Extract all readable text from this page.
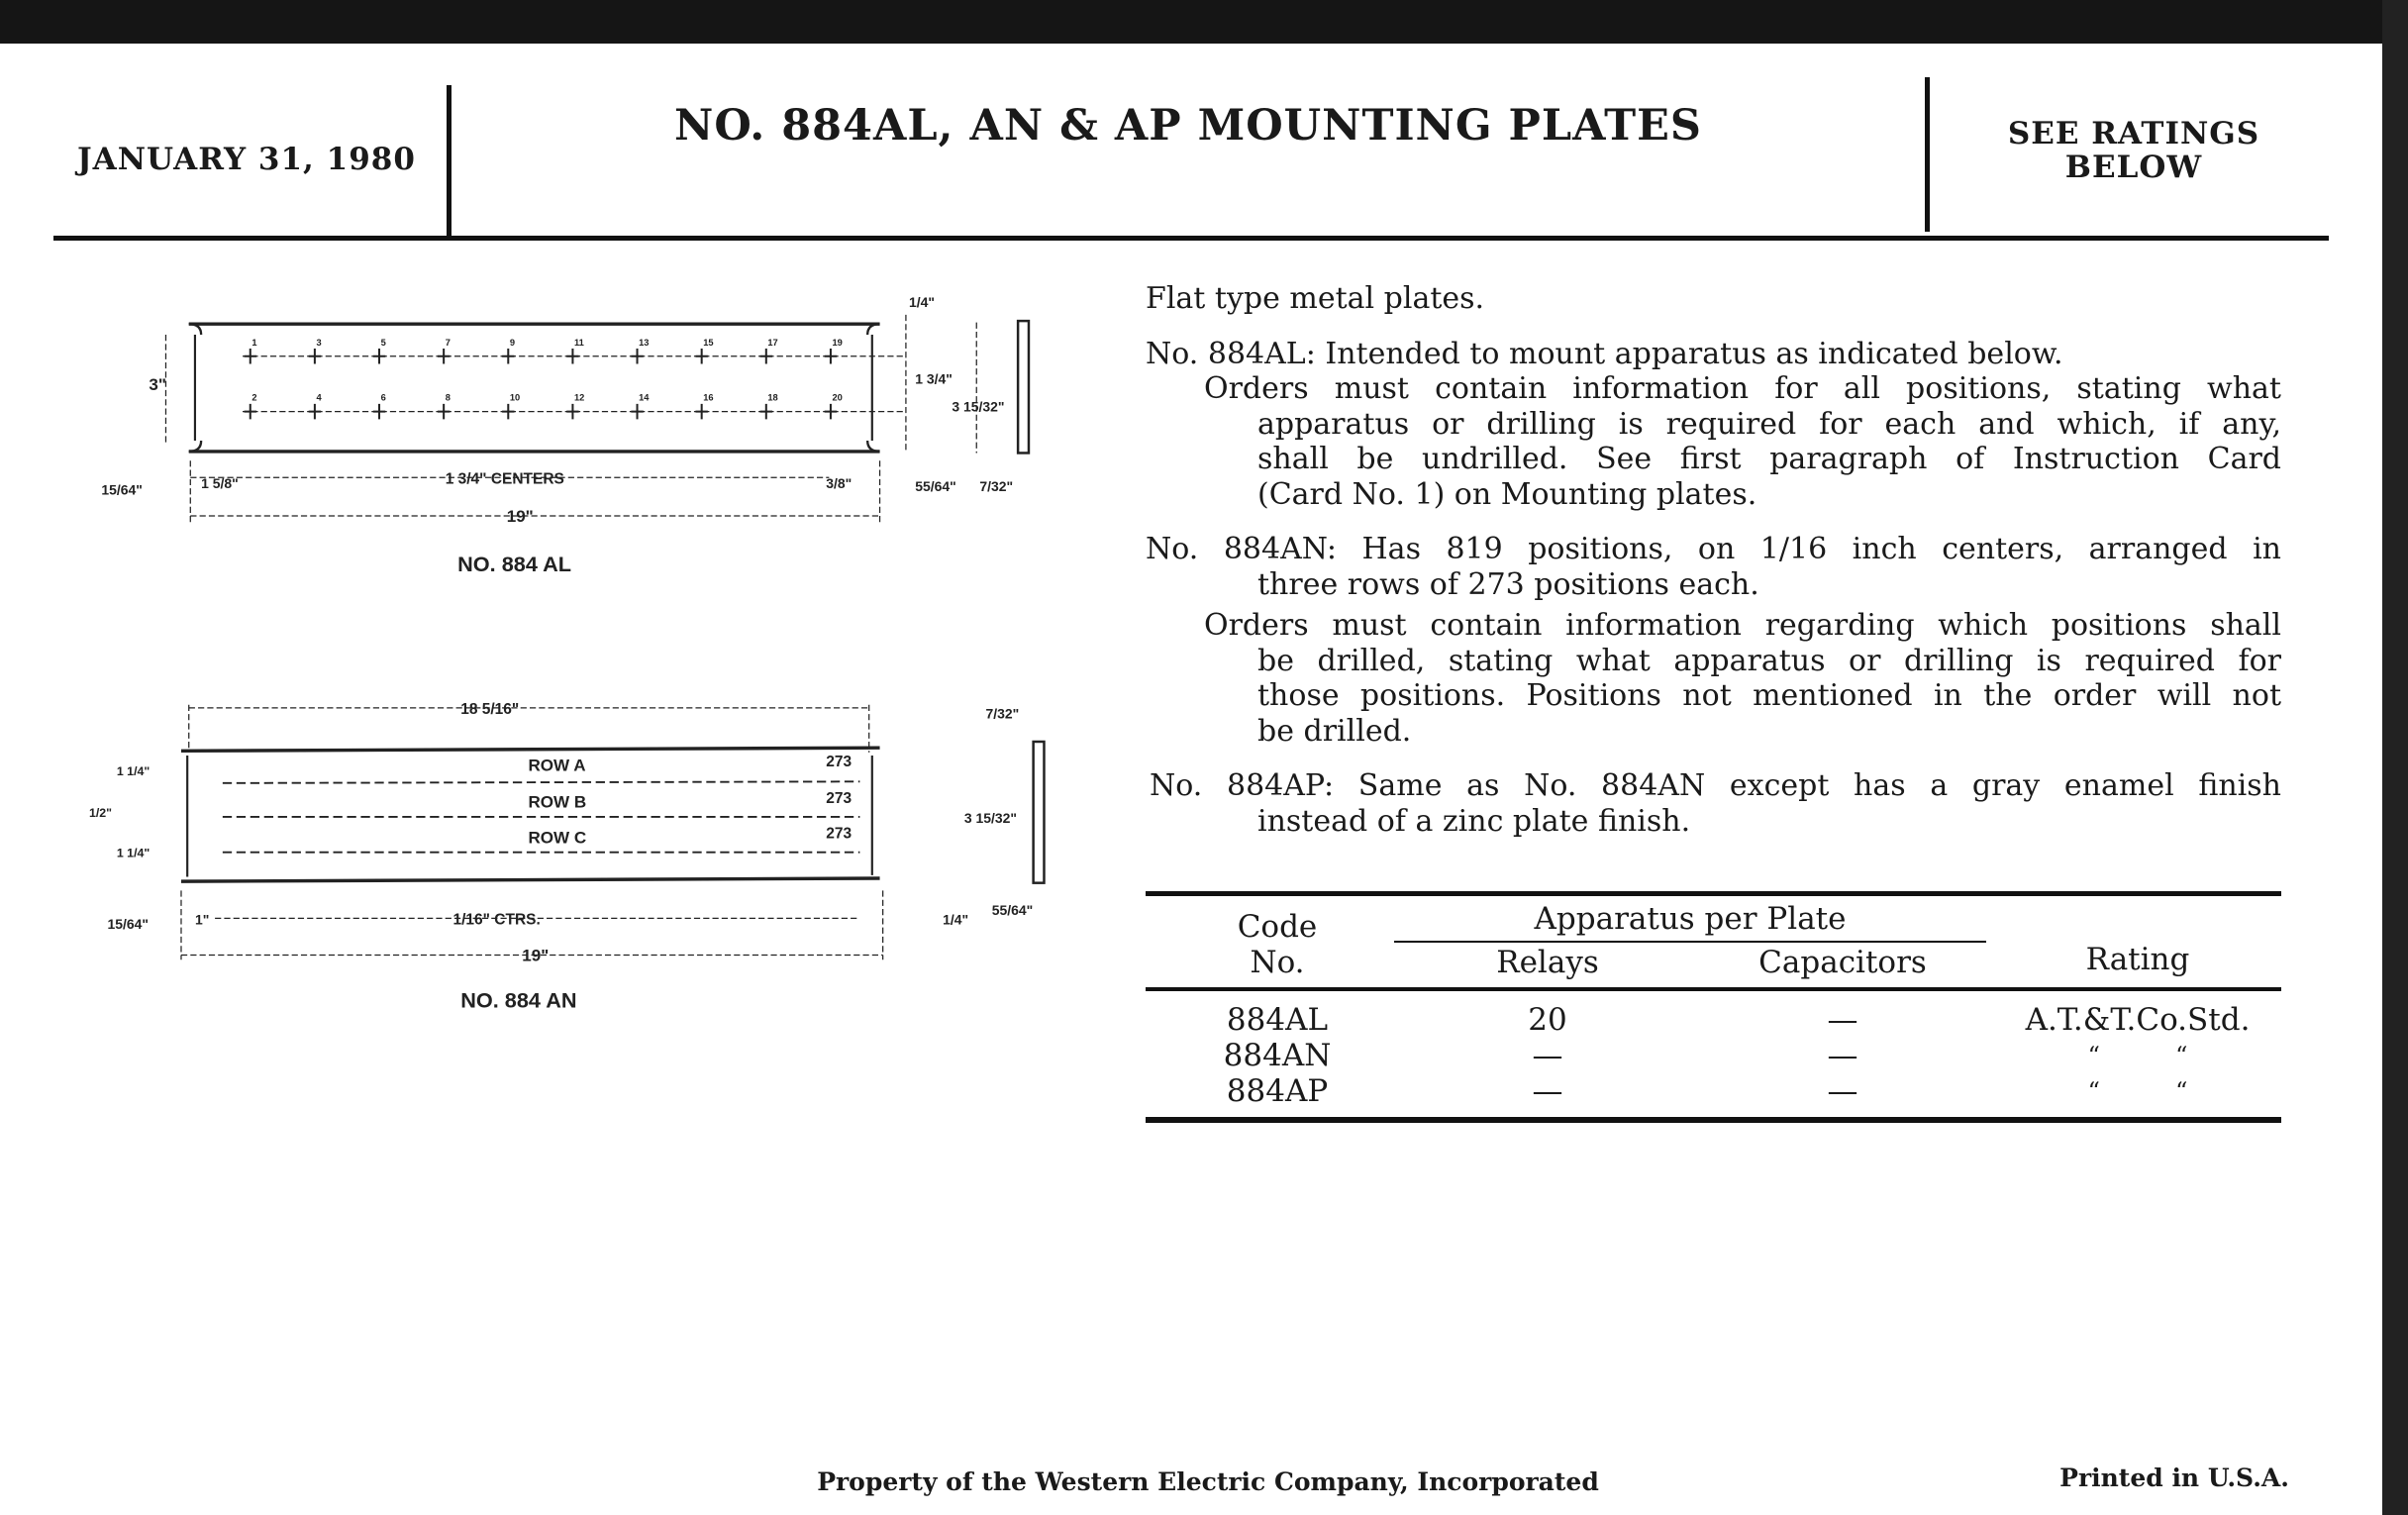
JANUARY 31, 1980
NO. 884AL, AN & AP MOUNTING PLATES	SEE RATINGS
BELOW
3"
15/64"	1 5/8"	1 3/4" CENTERS	3/8"
19"
1/4"
1 3/4"
3 15/32"
55/64"	7/32"
NO. 884 AL
1	3	5	7	9	11	13	15	17	19
2	4	6	8	10	12	14	16	18	20
ROW A
ROW B
ROW C
273
273
273
18 5/16"
1"	1/16" CTRS.
19"
15/64"
1 1/4"
1/2"
1 1/4"
7/32"
3 15/32"
1/4"
55/64"
NO. 884 AN
Flat type metal plates.
No. 884AL: Intended to mount apparatus as indicated below.
Orders must contain information for all positions, stating what
apparatus or drilling is required for each and which, if any,
shall be undrilled. See first paragraph of Instruction Card
(Card No. 1) on Mounting plates.
No. 884AN: Has 819 positions, on 1/16 inch centers, arranged in
three rows of 273 positions each.
Orders must contain information regarding which positions shall
be drilled, stating what apparatus or drilling is required for
those positions. Positions not mentioned in the order will not
be drilled.
No. 884AP: Same as No. 884AN except has a gray enamel finish
instead of a zinc plate finish.
Code
No.
Apparatus per Plate
Relays	Capacitors	Rating
884AL	20	—	A.T.&T.Co.Std.
884AN	—	—	“          “
884AP	—	—	“          “
Property of the Western Electric Company, Incorporated	Printed in U.S.A.
